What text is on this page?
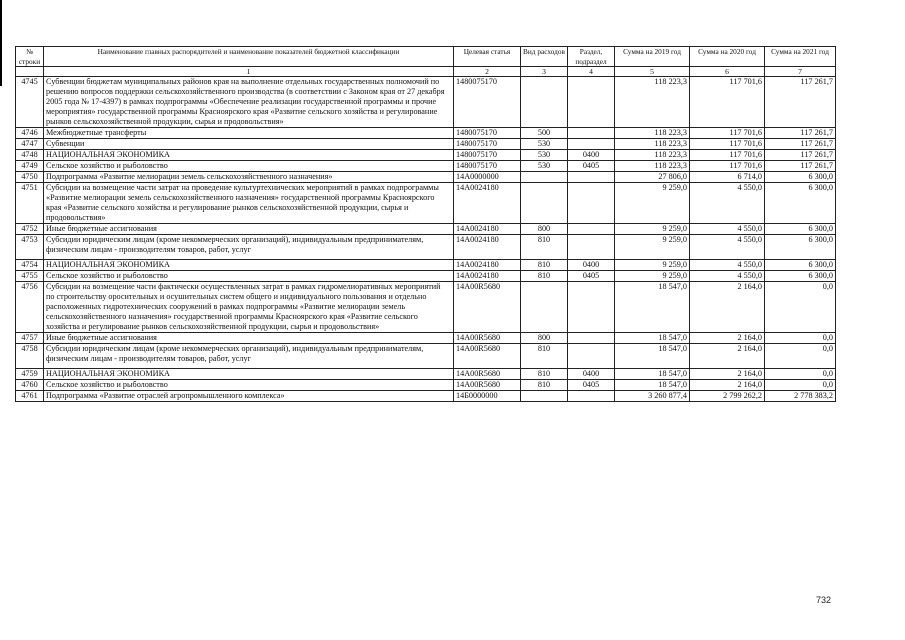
№ строки	Наименование главных распорядителей и наименование показателей бюджетной классификации	Целевая статья	Вид расходов	Раздел, подраздел	Сумма на 2019 год	Сумма на 2020 год	Сумма на 2021 год
	1	2	3	4	5	6	7
4745	Субвенции бюджетам муниципальных районов края на выполнение отдельных государственных полномочий по решению вопросов поддержки сельскохозяйственного производства (в соответствии с Законом края от 27 декабря 2005 года № 17-4397) в рамках подпрограммы «Обеспечение реализации государственной программы и прочие мероприятия» государственной программы Красноярского края «Развитие сельского хозяйства и регулирование рынков сельскохозяйственной продукции, сырья и продовольствия»	1480075170			118 223,3	117 701,6	117 261,7
4746	Межбюджетные трансферты	1480075170	500		118 223,3	117 701,6	117 261,7
4747	Субвенции	1480075170	530		118 223,3	117 701,6	117 261,7
4748	НАЦИОНАЛЬНАЯ ЭКОНОМИКА	1480075170	530	0400	118 223,3	117 701,6	117 261,7
4749	Сельское хозяйство и рыболовство	1480075170	530	0405	118 223,3	117 701,6	117 261,7
4750	Подпрограмма «Развитие мелиорации земель сельскохозяйственного назначения»	14А0000000			27 806,0	6 714,0	6 300,0
4751	Субсидии на возмещение части затрат на проведение культуртехнических мероприятий в рамках подпрограммы «Развитие мелиорации земель сельскохозяйственного назначения» государственной программы Красноярского края «Развитие сельского хозяйства и регулирование рынков сельскохозяйственной продукции, сырья и продовольствия»	14А0024180			9 259,0	4 550,0	6 300,0
4752	Иные бюджетные ассигнования	14А0024180	800		9 259,0	4 550,0	6 300,0
4753	Субсидии юридическим лицам (кроме некоммерческих организаций), индивидуальным предпринимателям, физическим лицам - производителям товаров, работ, услуг	14А0024180	810		9 259,0	4 550,0	6 300,0
4754	НАЦИОНАЛЬНАЯ ЭКОНОМИКА	14А0024180	810	0400	9 259,0	4 550,0	6 300,0
4755	Сельское хозяйство и рыболовство	14А0024180	810	0405	9 259,0	4 550,0	6 300,0
4756	Субсидии на возмещение части фактически осуществленных затрат в рамках гидромелиоративных мероприятий по строительству оросительных и осушительных систем общего и индивидуального пользования и отдельно расположенных гидротехнических сооружений в рамках подпрограммы «Развитие мелиорации земель сельскохозяйственного назначения» государственной программы Красноярского края «Развитие сельского хозяйства и регулирование рынков сельскохозяйственной продукции, сырья и продовольствия»	14А00R5680			18 547,0	2 164,0	0,0
4757	Иные бюджетные ассигнования	14А00R5680	800		18 547,0	2 164,0	0,0
4758	Субсидии юридическим лицам (кроме некоммерческих организаций), индивидуальным предпринимателям, физическим лицам - производителям товаров, работ, услуг	14А00R5680	810		18 547,0	2 164,0	0,0
4759	НАЦИОНАЛЬНАЯ ЭКОНОМИКА	14А00R5680	810	0400	18 547,0	2 164,0	0,0
4760	Сельское хозяйство и рыболовство	14А00R5680	810	0405	18 547,0	2 164,0	0,0
4761	Подпрограмма «Развитие отраслей агропромышленного комплекса»	14Б0000000			3 260 877,4	2 799 262,2	2 778 383,2
732
